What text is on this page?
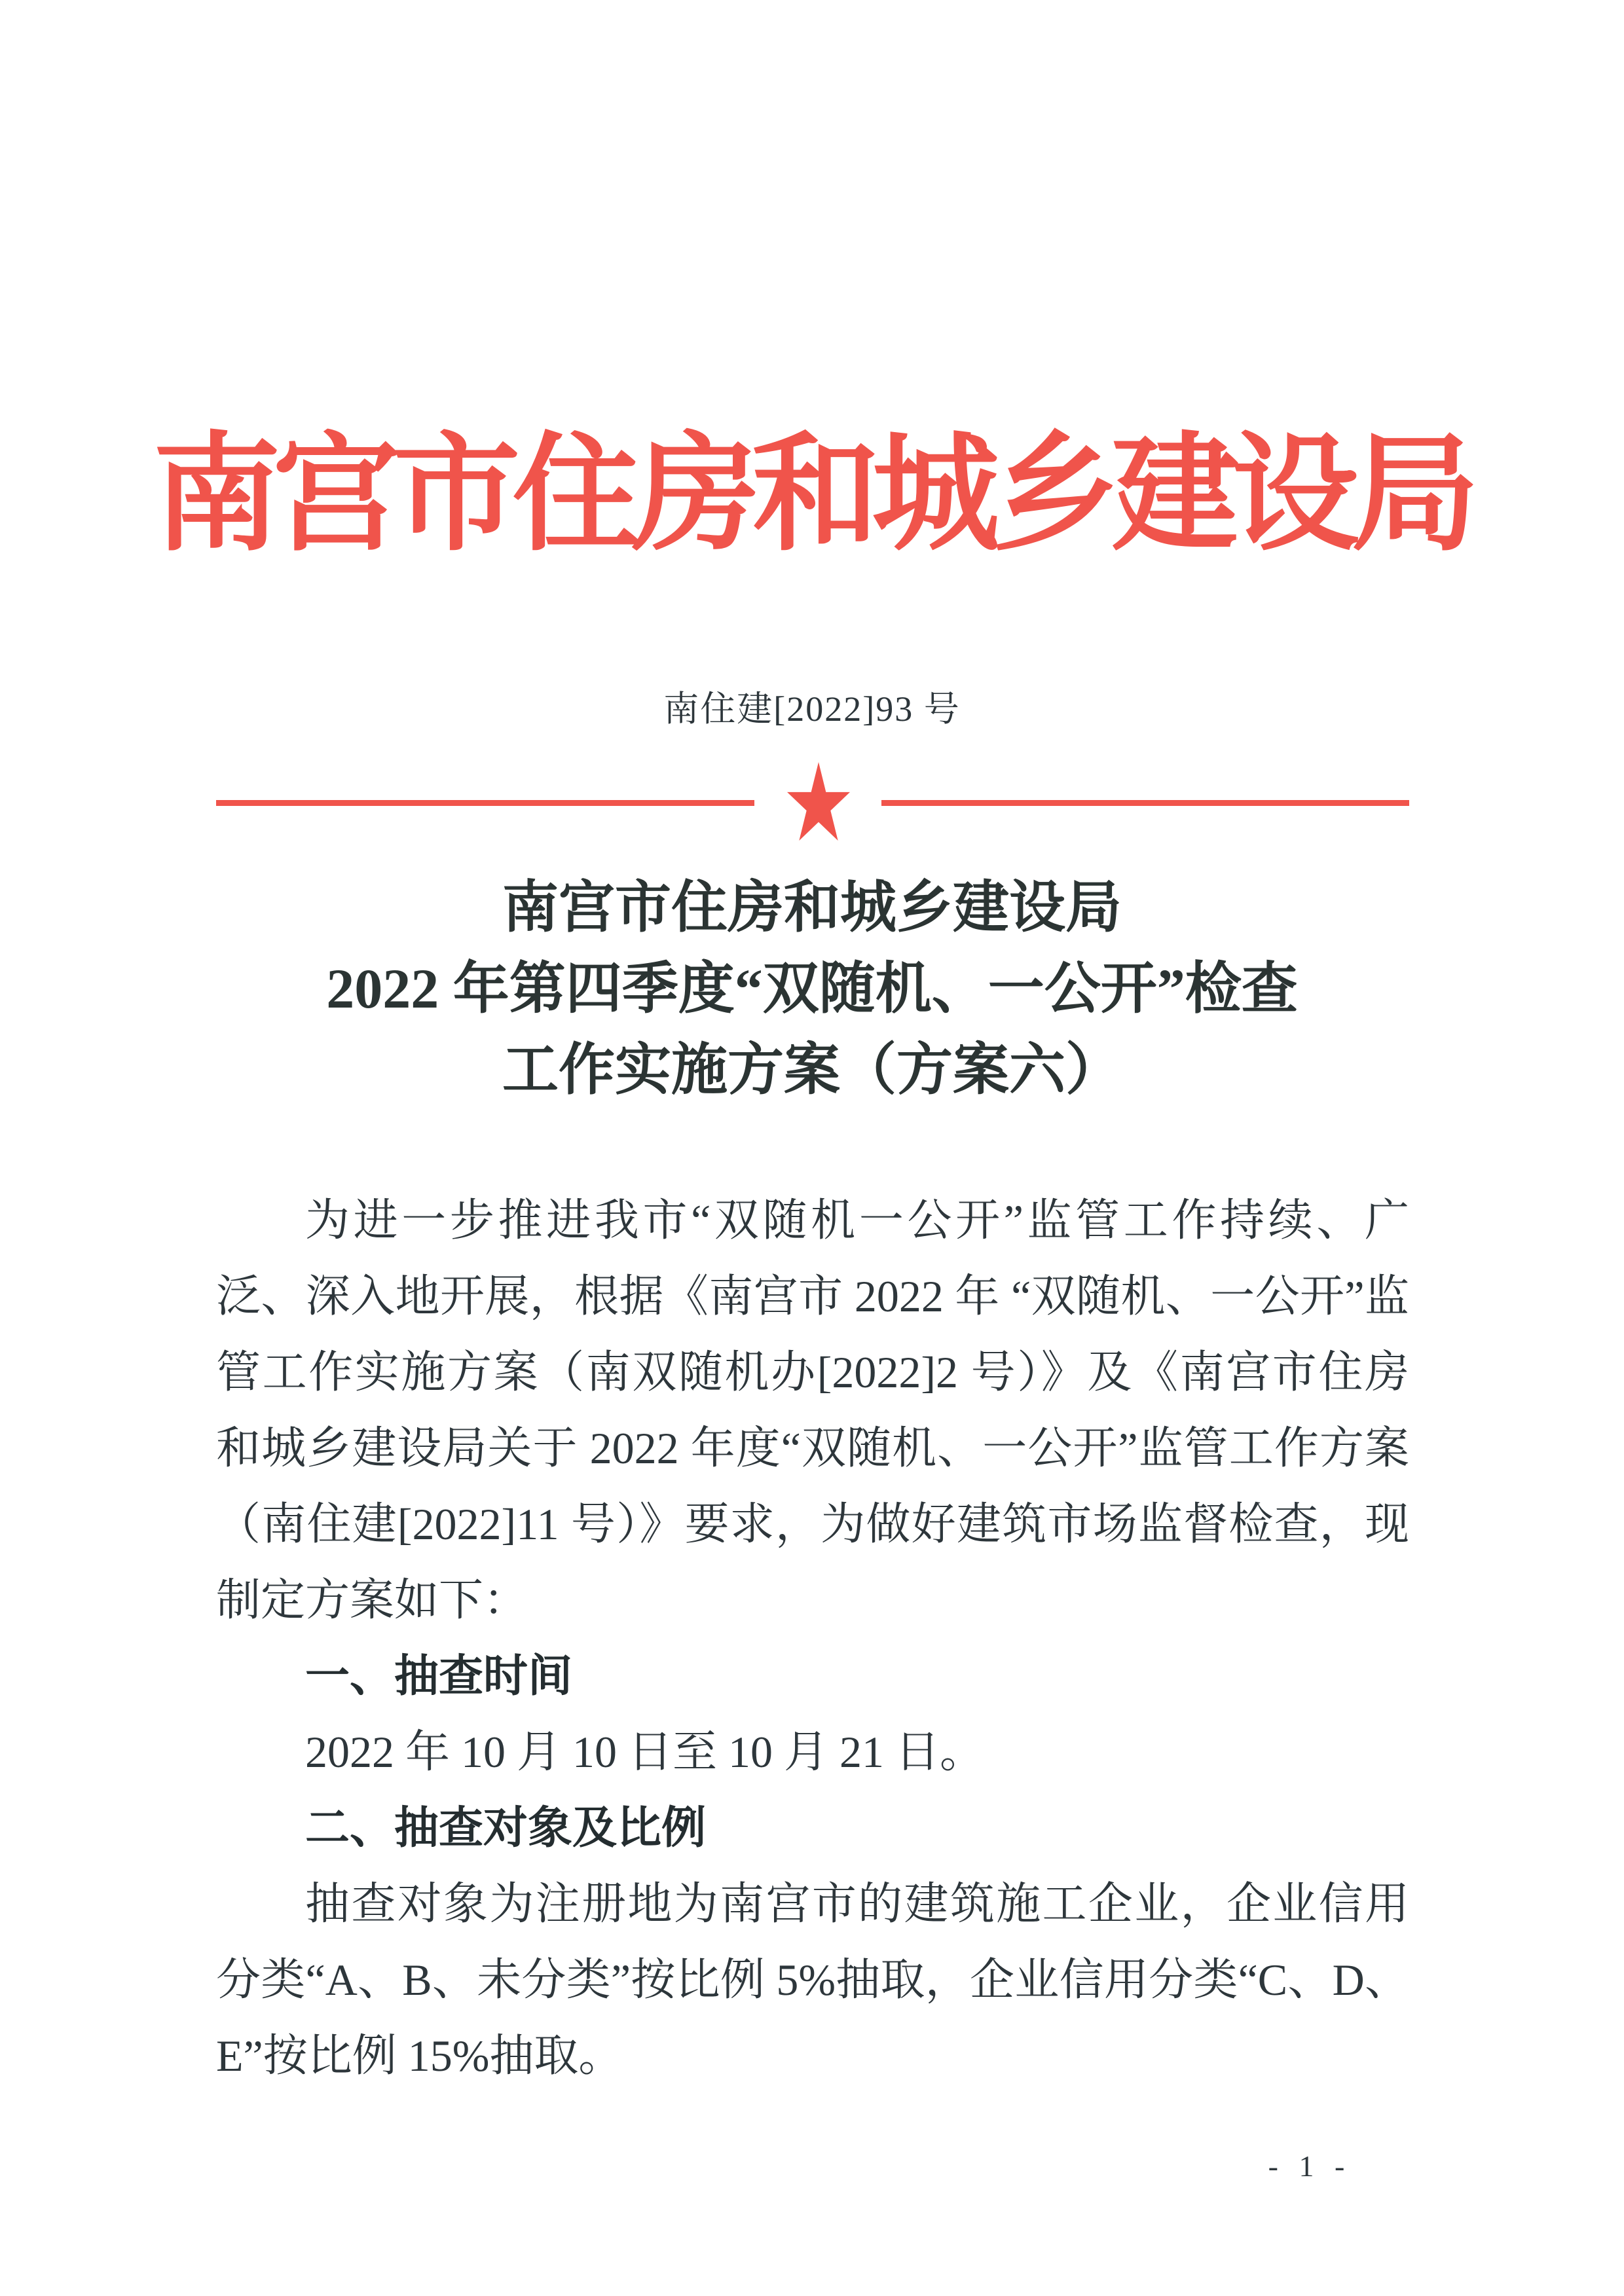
南宫市住房和城乡建设局
南住建[2022]93 号
南宫市住房和城乡建设局
2022 年第四季度“双随机、一公开”检查
工作实施方案（方案六）

为进一步推进我市“双随机一公开”监管工作持续、广泛、深入地开展，根据《南宫市 2022 年 “双随机、一公开”监管工作实施方案（南双随机办[2022]2 号）》及《南宫市住房和城乡建设局关于 2022 年度“双随机、一公开”监管工作方案（南住建[2022]11 号）》要求，为做好建筑市场监督检查，现制定方案如下：

一、抽查时间

2022 年 10 月 10 日至 10 月 21 日。

二、抽查对象及比例

抽查对象为注册地为南宫市的建筑施工企业，企业信用分类“A、B、未分类”按比例 5%抽取，企业信用分类“C、D、E”按比例 15%抽取。

- 1 -
